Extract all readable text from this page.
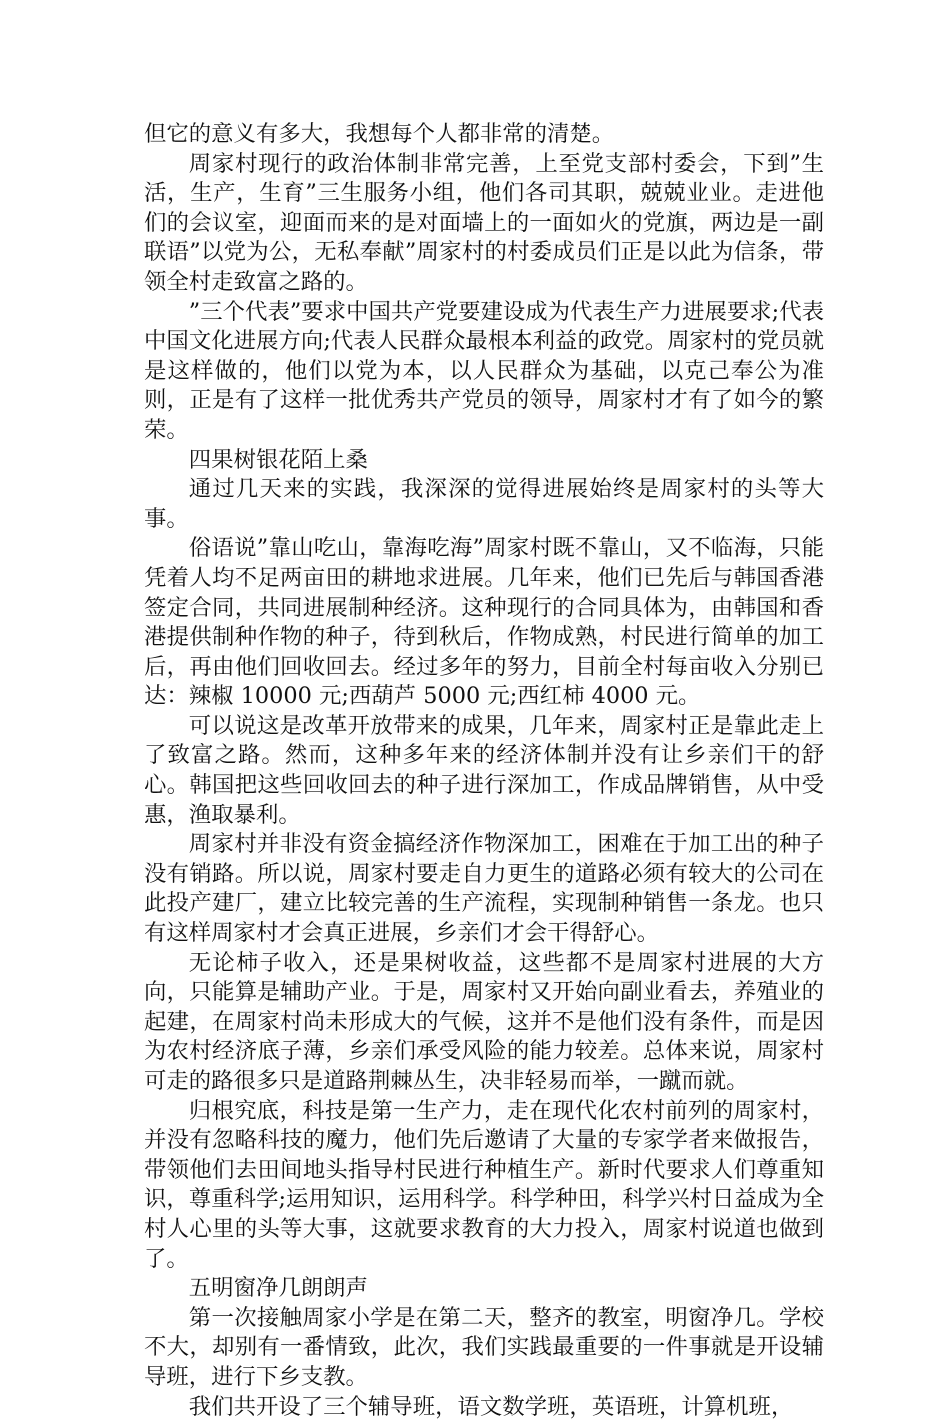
但它的意义有多大，我想每个人都非常的清楚。

周家村现行的政治体制非常完善，上至党支部村委会，下到”生活，生产，生育”三生服务小组，他们各司其职，兢兢业业。走进他们的会议室，迎面而来的是对面墙上的一面如火的党旗，两边是一副联语”以党为公，无私奉献”周家村的村委成员们正是以此为信条，带领全村走致富之路的。

”三个代表”要求中国共产党要建设成为代表生产力进展要求;代表中国文化进展方向;代表人民群众最根本利益的政党。周家村的党员就是这样做的，他们以党为本，以人民群众为基础，以克己奉公为准则，正是有了这样一批优秀共产党员的领导，周家村才有了如今的繁荣。

四果树银花陌上桑

通过几天来的实践，我深深的觉得进展始终是周家村的头等大事。

俗语说”靠山吃山，靠海吃海”周家村既不靠山，又不临海，只能凭着人均不足两亩田的耕地求进展。几年来，他们已先后与韩国香港签定合同，共同进展制种经济。这种现行的合同具体为，由韩国和香港提供制种作物的种子，待到秋后，作物成熟，村民进行简单的加工后，再由他们回收回去。经过多年的努力，目前全村每亩收入分别已达：辣椒 10000 元;西葫芦 5000 元;西红柿 4000 元。

可以说这是改革开放带来的成果，几年来，周家村正是靠此走上了致富之路。然而，这种多年来的经济体制并没有让乡亲们干的舒心。韩国把这些回收回去的种子进行深加工，作成品牌销售，从中受惠，渔取暴利。

周家村并非没有资金搞经济作物深加工，困难在于加工出的种子没有销路。所以说，周家村要走自力更生的道路必须有较大的公司在此投产建厂，建立比较完善的生产流程，实现制种销售一条龙。也只有这样周家村才会真正进展，乡亲们才会干得舒心。

无论柿子收入，还是果树收益，这些都不是周家村进展的大方向，只能算是辅助产业。于是，周家村又开始向副业看去，养殖业的起建，在周家村尚未形成大的气候，这并不是他们没有条件，而是因为农村经济底子薄，乡亲们承受风险的能力较差。总体来说，周家村可走的路很多只是道路荆棘丛生，决非轻易而举，一蹴而就。

归根究底，科技是第一生产力，走在现代化农村前列的周家村，并没有忽略科技的魔力，他们先后邀请了大量的专家学者来做报告，带领他们去田间地头指导村民进行种植生产。新时代要求人们尊重知识，尊重科学;运用知识，运用科学。科学种田，科学兴村日益成为全村人心里的头等大事，这就要求教育的大力投入，周家村说道也做到了。

五明窗净几朗朗声

第一次接触周家小学是在第二天，整齐的教室，明窗净几。学校不大，却别有一番情致，此次，我们实践最重要的一件事就是开设辅导班，进行下乡支教。

我们共开设了三个辅导班，语文数学班，英语班，计算机班，
